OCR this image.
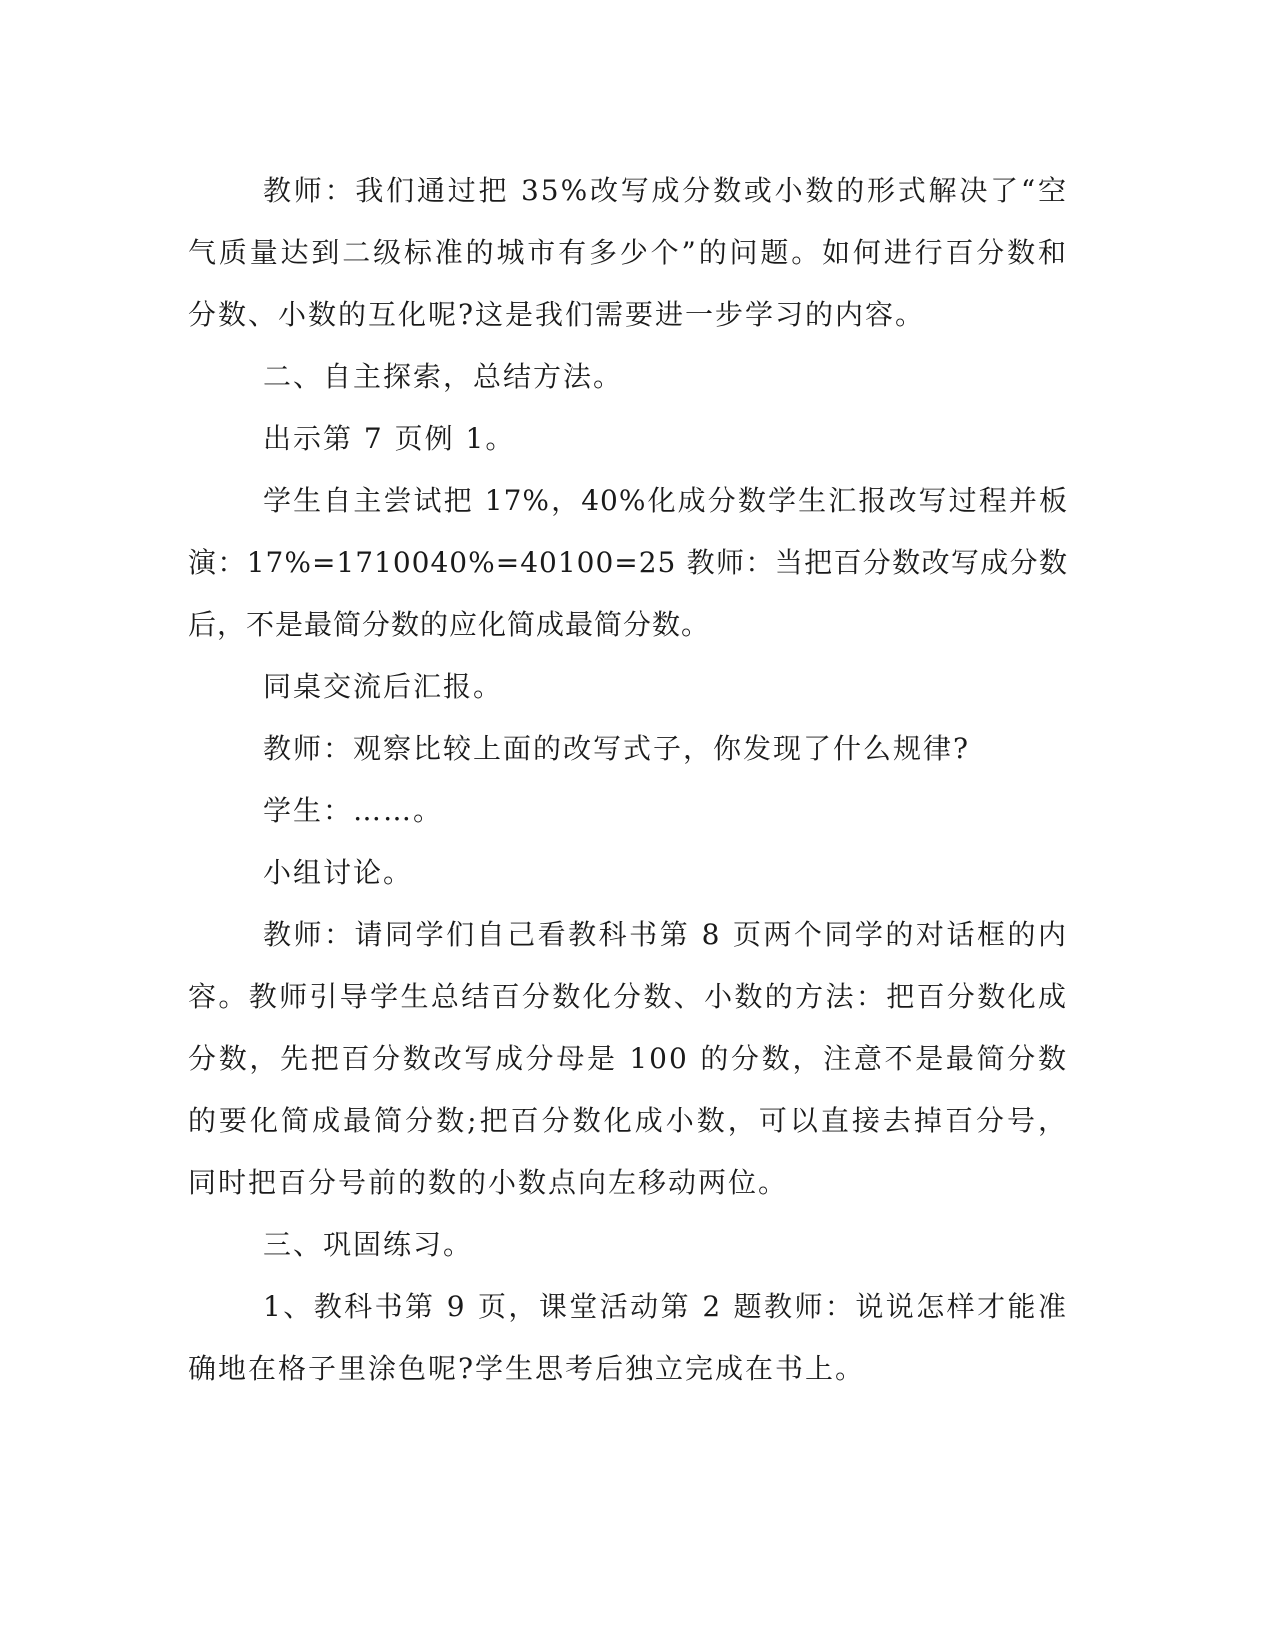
教师：我们通过把 35%改写成分数或小数的形式解决了“空气质量达到二级标准的城市有多少个”的问题。如何进行百分数和分数、小数的互化呢?这是我们需要进一步学习的内容。

二、自主探索，总结方法。

出示第 7 页例 1。

学生自主尝试把 17%，40%化成分数学生汇报改写过程并板演：17%=1710040%=40100=25 教师：当把百分数改写成分数后，不是最简分数的应化简成最简分数。

同桌交流后汇报。

教师：观察比较上面的改写式子，你发现了什么规律?

学生：……。

小组讨论。

教师：请同学们自己看教科书第 8 页两个同学的对话框的内容。教师引导学生总结百分数化分数、小数的方法：把百分数化成分数，先把百分数改写成分母是 100 的分数，注意不是最简分数的要化简成最简分数;把百分数化成小数，可以直接去掉百分号，同时把百分号前的数的小数点向左移动两位。

三、巩固练习。

1、教科书第 9 页，课堂活动第 2 题教师：说说怎样才能准确地在格子里涂色呢?学生思考后独立完成在书上。
